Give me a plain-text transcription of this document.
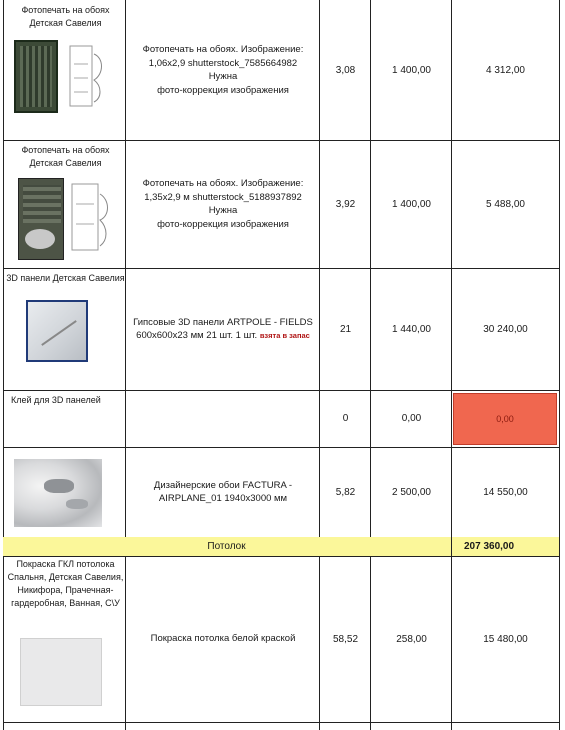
Фотопечать на обоях Детская Савелия
Фотопечать на обоях. Изображение:
1,06х2,9 shutterstock_7585664982
Нужна
фото-коррекция изображения
3,08	1 400,00	4 312,00
Фотопечать на обоях Детская Савелия
Фотопечать на обоях. Изображение:
1,35х2,9 м shutterstock_5188937892
Нужна
фото-коррекция изображения
3,92	1 400,00	5 488,00
3D панели Детская Савелия
Гипсовые 3D панели ARTPOLE - FIELDS 600х600х23 мм 21 шт. 1 шт. взята в запас
21	1 440,00	30 240,00
Клей для 3D панелей
0	0,00	0,00
Дизайнерские обои FACTURA -
AIRPLANE_01 1940х3000 мм
5,82	2 500,00	14 550,00
Потолок	207 360,00
Покраска ГКЛ потолока Спальня, Детская Савелия, Никифора, Прачечная-гардеробная, Ванная, С\У
Покраска потолка белой краской	58,52	258,00	15 480,00
